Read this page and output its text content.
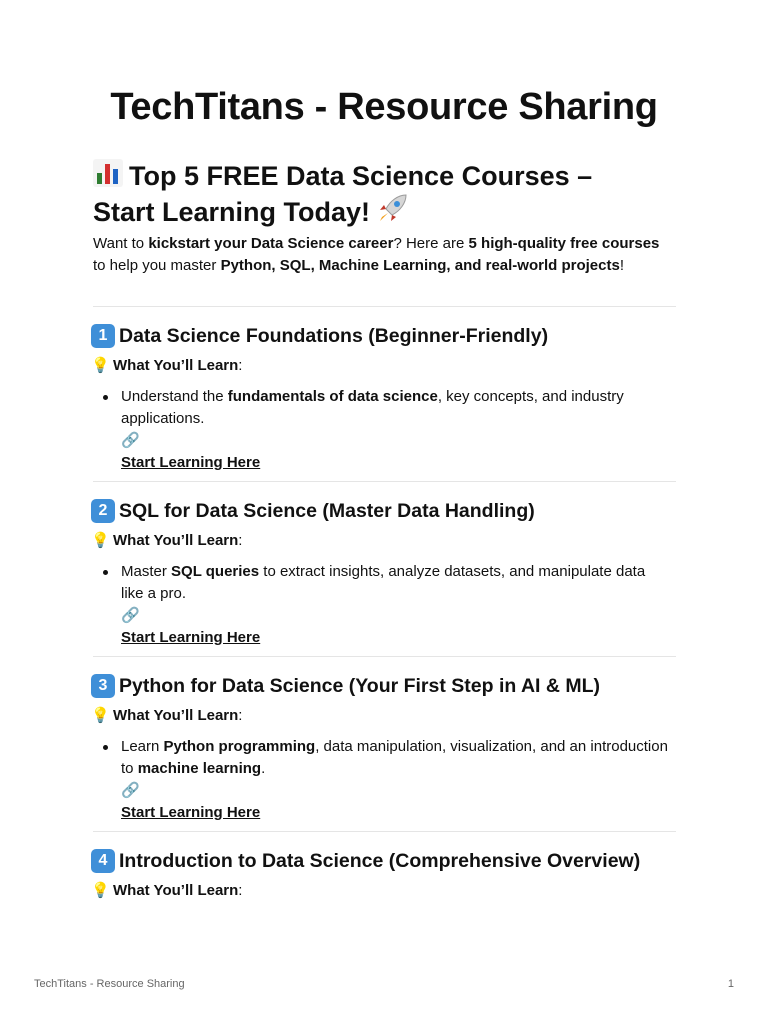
TechTitans - Resource Sharing
Top 5 FREE Data Science Courses –
Start Learning Today!

Want to kickstart your Data Science career? Here are 5 high-quality free courses to help you master Python, SQL, Machine Learning, and real-world projects!

1 Data Science Foundations (Beginner-Friendly)
💡 What You’ll Learn:
Understand the fundamentals of data science, key concepts, and industry applications.
🔗
Start Learning Here
2 SQL for Data Science (Master Data Handling)
💡 What You’ll Learn:
Master SQL queries to extract insights, analyze datasets, and manipulate data like a pro.
🔗
Start Learning Here
3 Python for Data Science (Your First Step in AI & ML)
💡 What You’ll Learn:
Learn Python programming, data manipulation, visualization, and an introduction to machine learning.
🔗
Start Learning Here
4 Introduction to Data Science (Comprehensive Overview)
💡 What You’ll Learn:
TechTitans - Resource Sharing	1
